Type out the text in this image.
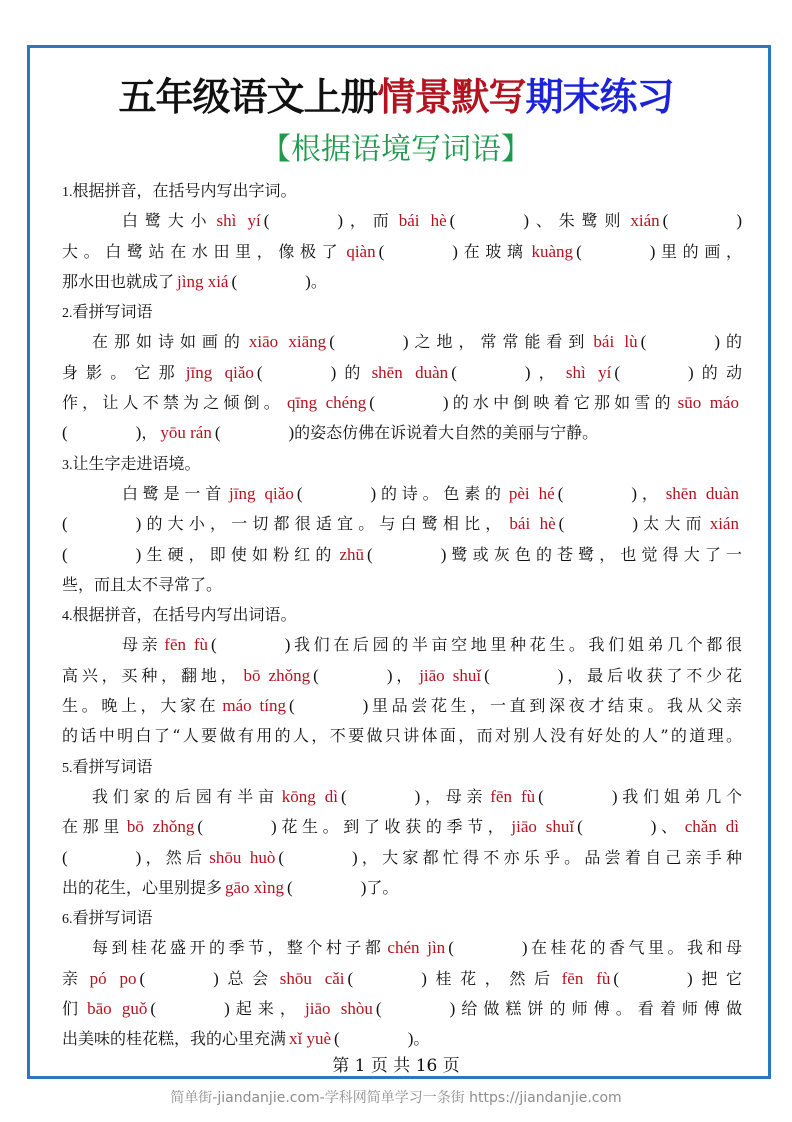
五年级语文上册情景默写期末练习
【根据语境写词语】
1.根据拼音，在括号内写出字词。
白鹭大小 shì yí (	)，而 bái hè (	)、朱鹭则 xián (	)
大。白鹭站在水田里，像极了 qiàn (	)在玻璃 kuàng (	)里的画，
那水田也就成了 jìng xiá (	)。
2.看拼写词语
在那如诗如画的 xiāo xiāng (	)之地，常常能看到 bái lù (	)的
身影。它那 jīng qiǎo (	)的 shēn duàn (	)， shì yí (	)的动
作，让人不禁为之倾倒。 qīng chéng (	)的水中倒映着它那如雪的 sūo máo
(	)， yōu rán (	)的姿态仿佛在诉说着大自然的美丽与宁静。
3.让生字走进语境。
白鹭是一首 jīng qiǎo (	)的诗。色素的 pèi hé (	)， shēn duàn
(	)的大小，一切都很适宜。与白鹭相比， bái hè (	)太大而 xián
(	)生硬，即使如粉红的 zhū (	)鹭或灰色的苍鹭，也觉得大了一
些，而且太不寻常了。
4.根据拼音，在括号内写出词语。
母亲 fēn fù (	)我们在后园的半亩空地里种花生。我们姐弟几个都很
高兴，买种，翻地， bō zhǒng (	)， jiāo shuǐ (	)，最后收获了不少花
生。晚上，大家在 máo tíng (	)里品尝花生，一直到深夜才结束。我从父亲
的话中明白了“人要做有用的人，不要做只讲体面，而对别人没有好处的人”的道理。
5.看拼写词语
我们家的后园有半亩 kōng dì (	)，母亲 fēn fù (	)我们姐弟几个
在那里 bō zhǒng (	)花生。到了收获的季节， jiāo shuǐ (	)、 chǎn dì
(	)，然后 shōu huò (	)，大家都忙得不亦乐乎。品尝着自己亲手种
出的花生，心里别提多 gāo xìng (	)了。
6.看拼写词语
每到桂花盛开的季节，整个村子都 chén jìn (	)在桂花的香气里。我和母
亲 pó po (	)总会 shōu cǎi (	)桂花，然后 fēn fù (	)把它
们 bāo guǒ (	)起来， jiāo shòu (	)给做糕饼的师傅。看着师傅做
出美味的桂花糕，我的心里充满 xǐ yuè (	)。
第 1 页 共 16 页
简单街-jiandanjie.com-学科网简单学习一条街 https://jiandanjie.com
